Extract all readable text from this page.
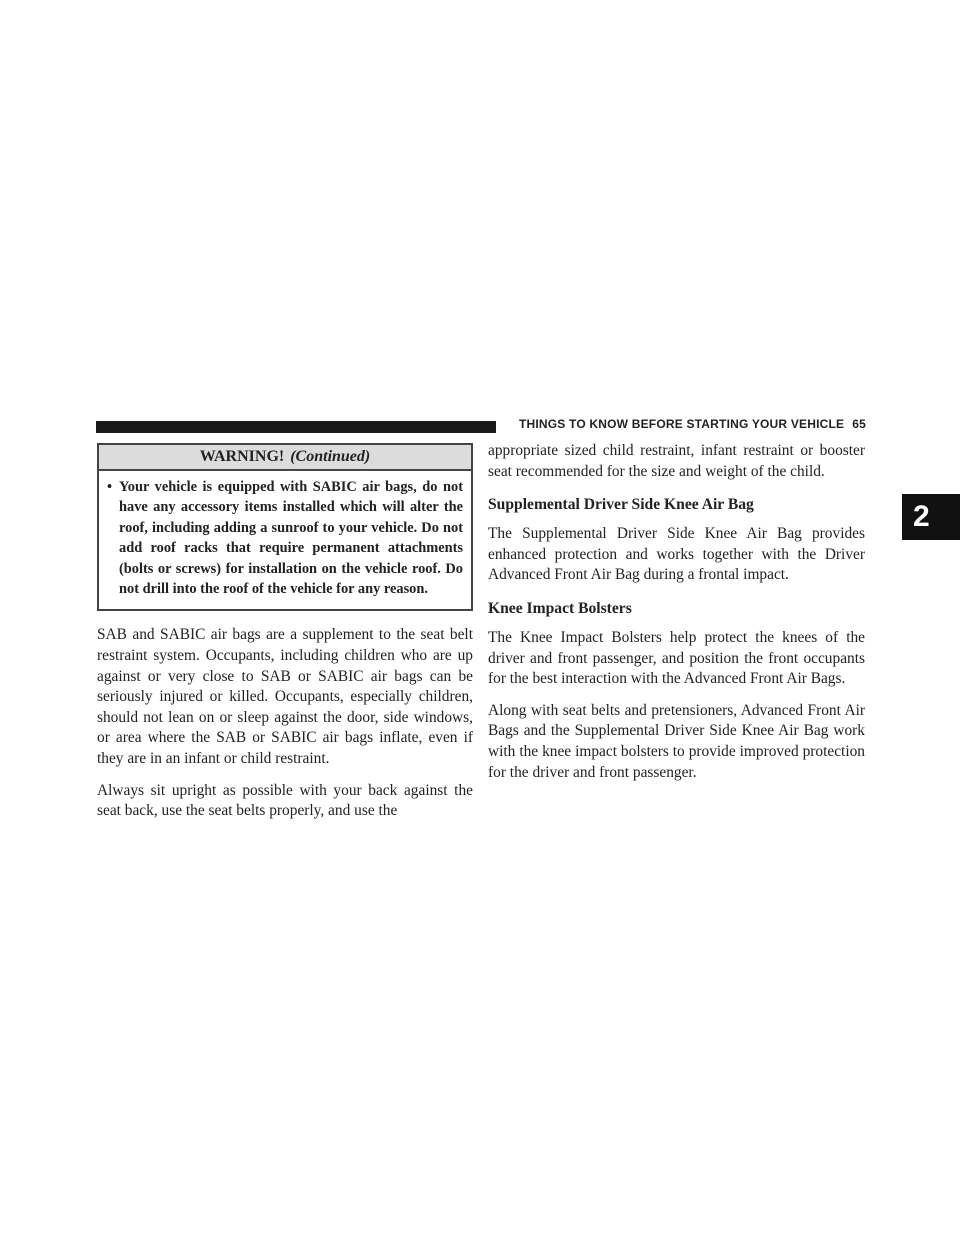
THINGS TO KNOW BEFORE STARTING YOUR VEHICLE 65
2
WARNING! (Continued)
• Your vehicle is equipped with SABIC air bags, do not have any accessory items installed which will alter the roof, including adding a sunroof to your vehicle. Do not add roof racks that require permanent attachments (bolts or screws) for installation on the vehicle roof. Do not drill into the roof of the vehicle for any reason.

SAB and SABIC air bags are a supplement to the seat belt restraint system. Occupants, including children who are up against or very close to SAB or SABIC air bags can be seriously injured or killed. Occupants, especially children, should not lean on or sleep against the door, side windows, or area where the SAB or SABIC air bags inflate, even if they are in an infant or child restraint.

Always sit upright as possible with your back against the seat back, use the seat belts properly, and use the

appropriate sized child restraint, infant restraint or booster seat recommended for the size and weight of the child.

Supplemental Driver Side Knee Air Bag

The Supplemental Driver Side Knee Air Bag provides enhanced protection and works together with the Driver Advanced Front Air Bag during a frontal impact.

Knee Impact Bolsters

The Knee Impact Bolsters help protect the knees of the driver and front passenger, and position the front occupants for the best interaction with the Advanced Front Air Bags.

Along with seat belts and pretensioners, Advanced Front Air Bags and the Supplemental Driver Side Knee Air Bag work with the knee impact bolsters to provide improved protection for the driver and front passenger.
